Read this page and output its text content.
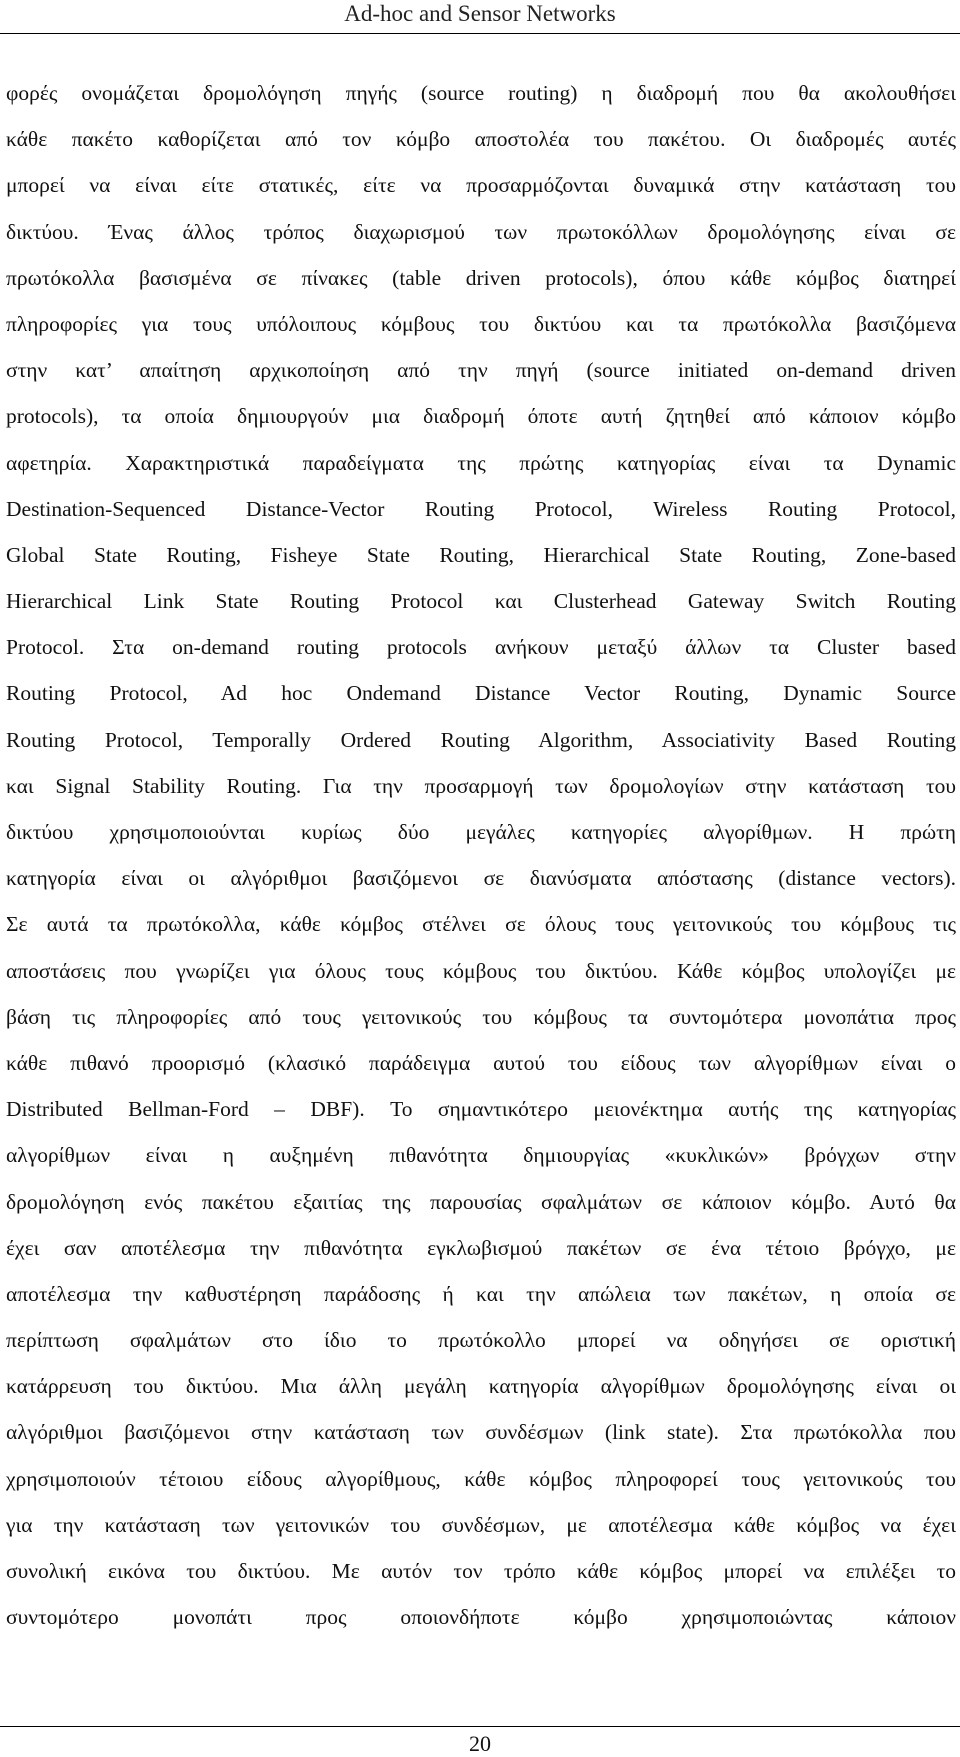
Ad-hoc and Sensor Networks
φορές ονομάζεται δρομολόγηση πηγής (source routing) η διαδρομή που θα ακολουθήσει
κάθε πακέτο καθορίζεται από τον κόμβο αποστολέα του πακέτου. Οι διαδρομές αυτές
μπορεί να είναι είτε στατικές, είτε να προσαρμόζονται δυναμικά στην κατάσταση του
δικτύου. Ένας άλλος τρόπος διαχωρισμού των πρωτοκόλλων δρομολόγησης είναι σε
πρωτόκολλα βασισμένα σε πίνακες (table driven protocols), όπου κάθε κόμβος διατηρεί
πληροφορίες για τους υπόλοιπους κόμβους του δικτύου και τα πρωτόκολλα βασιζόμενα
στην κατ’ απαίτηση αρχικοποίηση από την πηγή (source initiated on-demand driven
protocols), τα οποία δημιουργούν μια διαδρομή όποτε αυτή ζητηθεί από κάποιον κόμβο
αφετηρία. Χαρακτηριστικά παραδείγματα της πρώτης κατηγορίας είναι τα Dynamic
Destination-Sequenced Distance-Vector Routing Protocol, Wireless Routing Protocol,
Global State Routing, Fisheye State Routing, Hierarchical State Routing, Zone-based
Hierarchical Link State Routing Protocol και Clusterhead Gateway Switch Routing
Protocol. Στα on-demand routing protocols ανήκουν μεταξύ άλλων τα Cluster based
Routing Protocol, Ad hoc Ondemand Distance Vector Routing, Dynamic Source
Routing Protocol, Temporally Ordered Routing Algorithm, Associativity Based Routing
και Signal Stability Routing. Για την προσαρμογή των δρομολογίων στην κατάσταση του
δικτύου χρησιμοποιούνται κυρίως δύο μεγάλες κατηγορίες αλγορίθμων. Η πρώτη
κατηγορία είναι οι αλγόριθμοι βασιζόμενοι σε διανύσματα απόστασης (distance vectors).
Σε αυτά τα πρωτόκολλα, κάθε κόμβος στέλνει σε όλους τους γειτονικούς του κόμβους τις
αποστάσεις που γνωρίζει για όλους τους κόμβους του δικτύου. Κάθε κόμβος υπολογίζει με
βάση τις πληροφορίες από τους γειτονικούς του κόμβους τα συντομότερα μονοπάτια προς
κάθε πιθανό προορισμό (κλασικό παράδειγμα αυτού του είδους των αλγορίθμων είναι ο
Distributed Bellman-Ford – DBF). Το σημαντικότερο μειονέκτημα αυτής της κατηγορίας
αλγορίθμων είναι η αυξημένη πιθανότητα δημιουργίας «κυκλικών» βρόγχων στην
δρομολόγηση ενός πακέτου εξαιτίας της παρουσίας σφαλμάτων σε κάποιον κόμβο. Αυτό θα
έχει σαν αποτέλεσμα την πιθανότητα εγκλωβισμού πακέτων σε ένα τέτοιο βρόγχο, με
αποτέλεσμα την καθυστέρηση παράδοσης ή και την απώλεια των πακέτων, η οποία σε
περίπτωση σφαλμάτων στο ίδιο το πρωτόκολλο μπορεί να οδηγήσει σε οριστική
κατάρρευση του δικτύου. Μια άλλη μεγάλη κατηγορία αλγορίθμων δρομολόγησης είναι οι
αλγόριθμοι βασιζόμενοι στην κατάσταση των συνδέσμων (link state). Στα πρωτόκολλα που
χρησιμοποιούν τέτοιου είδους αλγορίθμους, κάθε κόμβος πληροφορεί τους γειτονικούς του
για την κατάσταση των γειτονικών του συνδέσμων, με αποτέλεσμα κάθε κόμβος να έχει
συνολική εικόνα του δικτύου. Με αυτόν τον τρόπο κάθε κόμβος μπορεί να επιλέξει το
συντομότερο μονοπάτι προς οποιονδήποτε κόμβο χρησιμοποιώντας κάποιον
20
